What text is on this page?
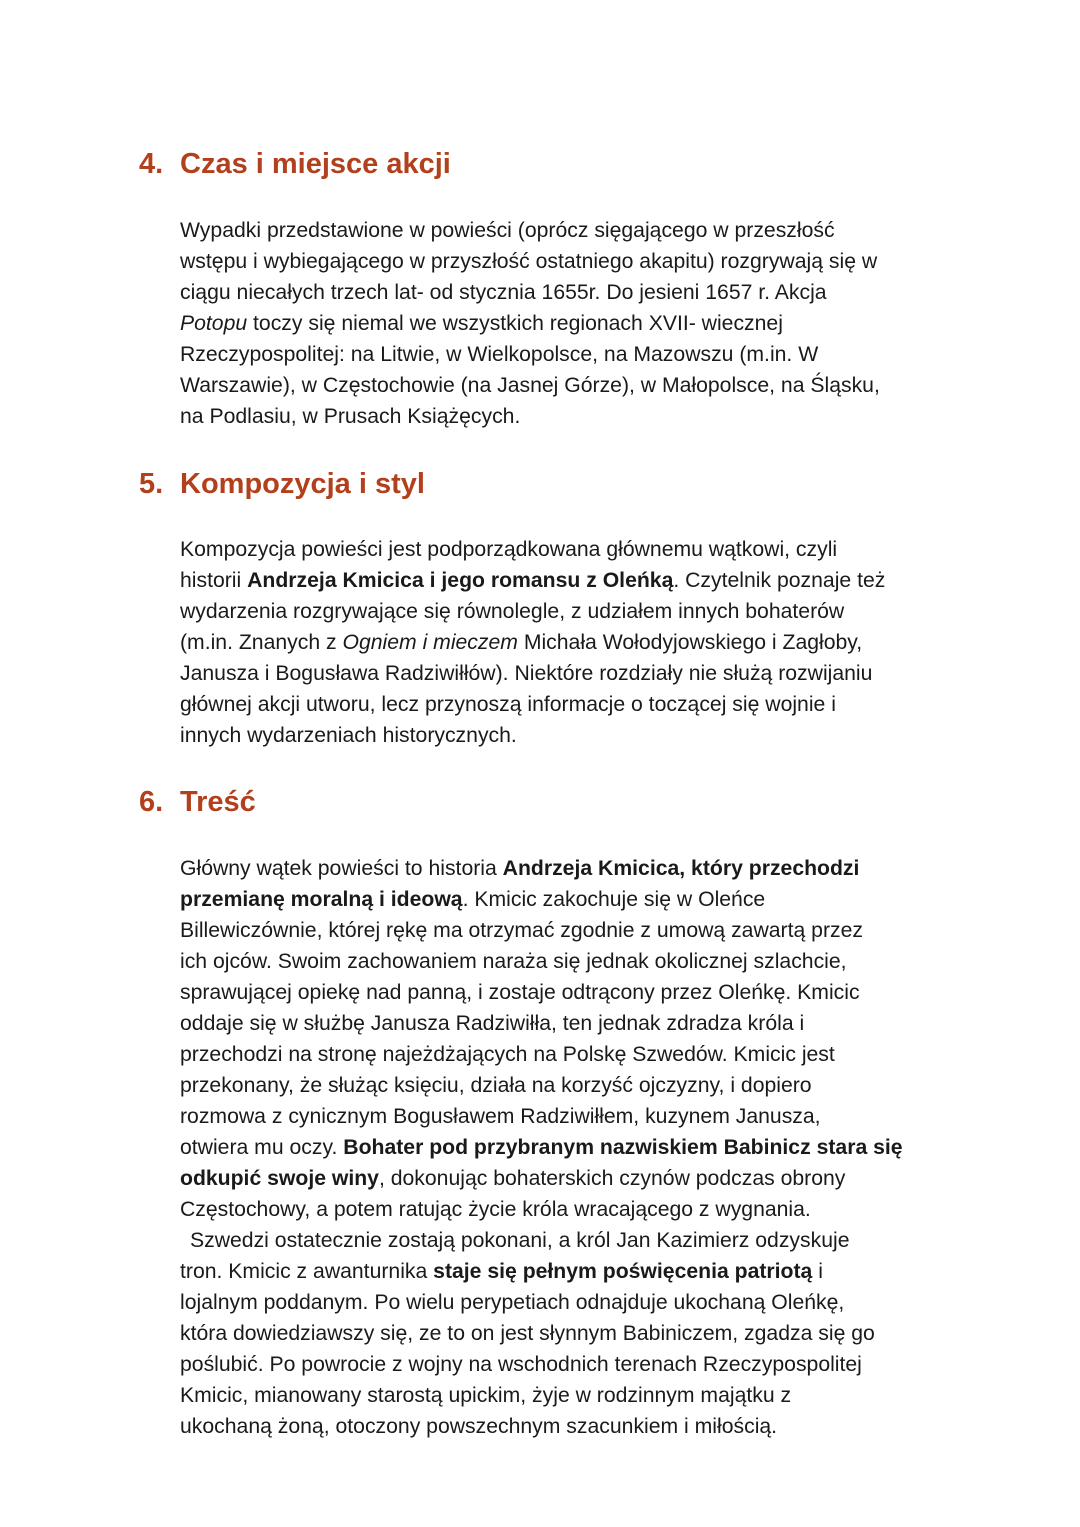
4. Czas i miejsce akcji
Wypadki przedstawione w powieści (oprócz sięgającego w przeszłość
wstępu i wybiegającego w przyszłość ostatniego akapitu) rozgrywają się w
ciągu niecałych trzech lat- od stycznia 1655r. Do jesieni 1657 r. Akcja
Potopu toczy się niemal we wszystkich regionach XVII- wiecznej
Rzeczypospolitej: na Litwie, w Wielkopolsce, na Mazowszu (m.in. W
Warszawie), w Częstochowie (na Jasnej Górze), w Małopolsce, na Śląsku,
na Podlasiu, w Prusach Książęcych.
5. Kompozycja i styl
Kompozycja powieści jest podporządkowana głównemu wątkowi, czyli
historii Andrzeja Kmicica i jego romansu z Oleńką. Czytelnik poznaje też
wydarzenia rozgrywające się równolegle, z udziałem innych bohaterów
(m.in. Znanych z Ogniem i mieczem Michała Wołodyjowskiego i Zagłoby,
Janusza i Bogusława Radziwiłłów). Niektóre rozdziały nie służą rozwijaniu
głównej akcji utworu, lecz przynoszą informacje o toczącej się wojnie i
innych wydarzeniach historycznych.
6. Treść
Główny wątek powieści to historia Andrzeja Kmicica, który przechodzi
przemianę moralną i ideową. Kmicic zakochuje się w Oleńce
Billewiczównie, której rękę ma otrzymać zgodnie z umową zawartą przez
ich ojców. Swoim zachowaniem naraża się jednak okolicznej szlachcie,
sprawującej opiekę nad panną, i zostaje odtrącony przez Oleńkę. Kmicic
oddaje się w służbę Janusza Radziwiłła, ten jednak zdradza króla i
przechodzi na stronę najeżdżających na Polskę Szwedów. Kmicic jest
przekonany, że służąc księciu, działa na korzyść ojczyzny, i dopiero
rozmowa z cynicznym Bogusławem Radziwiłłem, kuzynem Janusza,
otwiera mu oczy. Bohater pod przybranym nazwiskiem Babinicz stara się
odkupić swoje winy, dokonując bohaterskich czynów podczas obrony
Częstochowy, a potem ratując życie króla wracającego z wygnania.
Szwedzi ostatecznie zostają pokonani, a król Jan Kazimierz odzyskuje
tron. Kmicic z awanturnika staje się pełnym poświęcenia patriotą i
lojalnym poddanym. Po wielu perypetiach odnajduje ukochaną Oleńkę,
która dowiedziawszy się, ze to on jest słynnym Babiniczem, zgadza się go
poślubić. Po powrocie z wojny na wschodnich terenach Rzeczypospolitej
Kmicic, mianowany starostą upickim, żyje w rodzinnym majątku z
ukochaną żoną, otoczony powszechnym szacunkiem i miłością.
